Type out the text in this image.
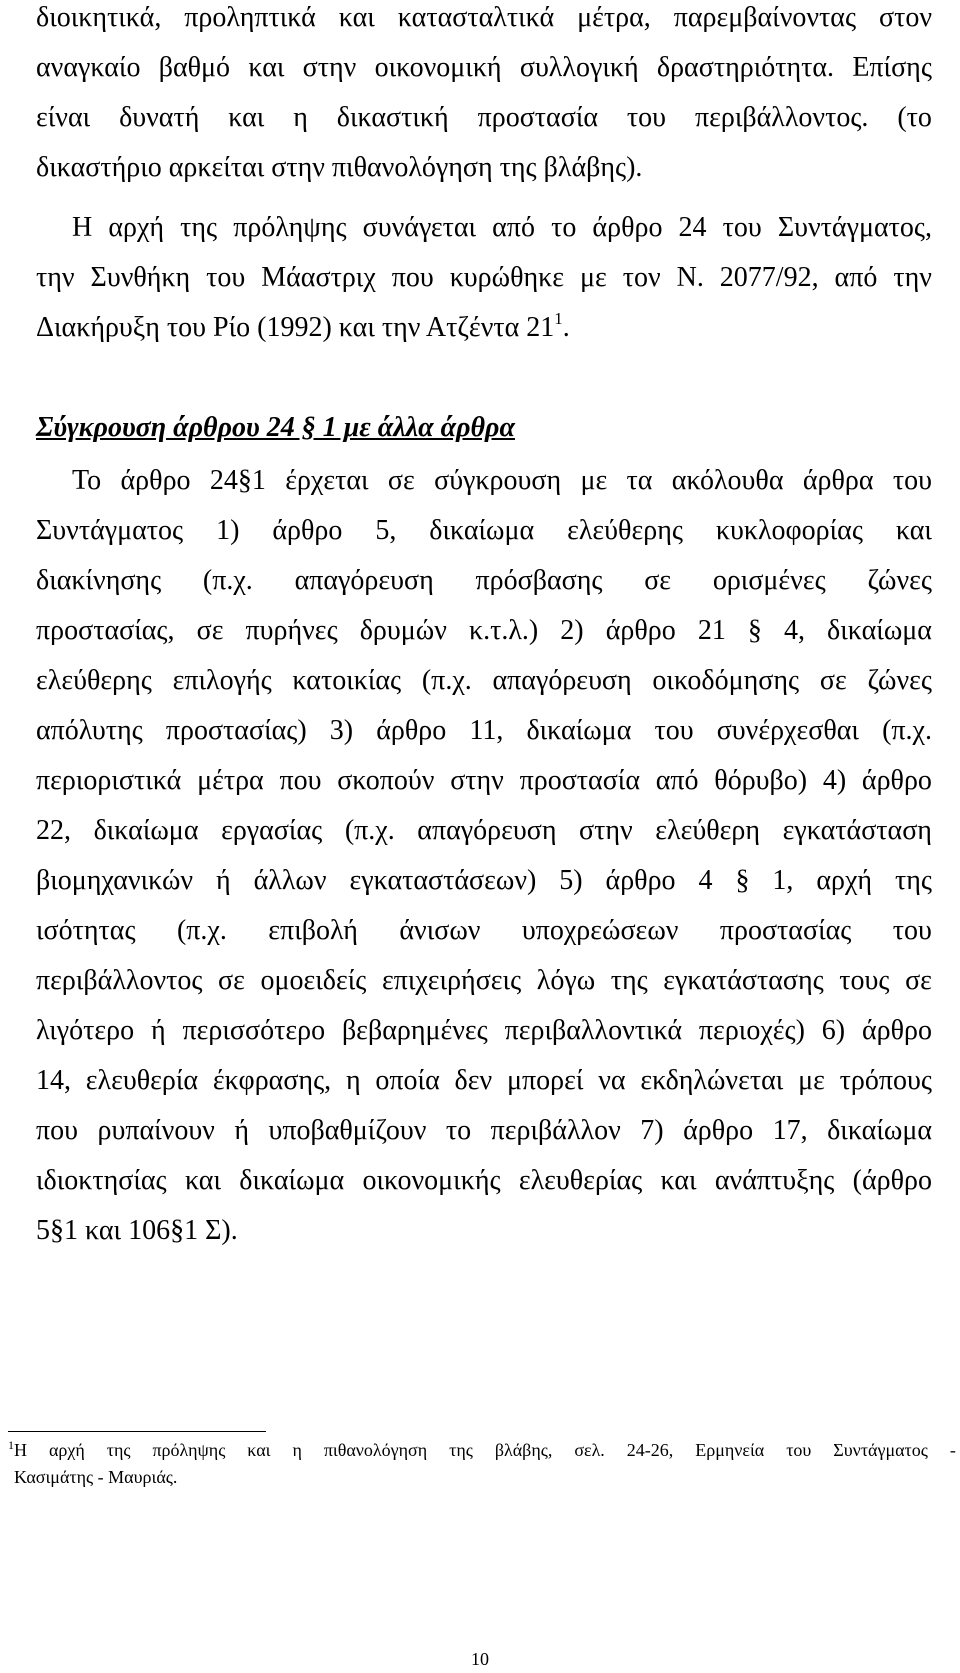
διοικητικά, προληπτικά και κατασταλτικά μέτρα, παρεμβαίνοντας στον
αναγκαίο βαθμό και στην οικονομική συλλογική δραστηριότητα. Επίσης
είναι δυνατή και η δικαστική προστασία του περιβάλλοντος. (το
δικαστήριο αρκείται στην πιθανολόγηση της βλάβης).
Η αρχή της πρόληψης συνάγεται από το άρθρο 24 του Συντάγματος,
την Συνθήκη του Μάαστριχ που κυρώθηκε με τον Ν. 2077/92, από την
Διακήρυξη του Ρίο (1992) και την Ατζέντα 21$^1$.
Σύγκρουση άρθρου 24 § 1 με άλλα άρθρα
Το άρθρο 24§1 έρχεται σε σύγκρουση με τα ακόλουθα άρθρα του
Συντάγματος 1) άρθρο 5, δικαίωμα ελεύθερης κυκλοφορίας και
διακίνησης (π.χ. απαγόρευση πρόσβασης σε ορισμένες ζώνες
προστασίας, σε πυρήνες δρυμών κ.τ.λ.) 2) άρθρο 21 § 4, δικαίωμα
ελεύθερης επιλογής κατοικίας (π.χ. απαγόρευση οικοδόμησης σε ζώνες
απόλυτης προστασίας) 3) άρθρο 11, δικαίωμα του συνέρχεσθαι (π.χ.
περιοριστικά μέτρα που σκοπούν στην προστασία από θόρυβο) 4) άρθρο
22, δικαίωμα εργασίας (π.χ. απαγόρευση στην ελεύθερη εγκατάσταση
βιομηχανικών ή άλλων εγκαταστάσεων) 5) άρθρο 4 § 1, αρχή της
ισότητας (π.χ. επιβολή άνισων υποχρεώσεων προστασίας του
περιβάλλοντος σε ομοειδείς επιχειρήσεις λόγω της εγκατάστασης τους σε
λιγότερο ή περισσότερο βεβαρημένες περιβαλλοντικά περιοχές) 6) άρθρο
14, ελευθερία έκφρασης, η οποία δεν μπορεί να εκδηλώνεται με τρόπους
που ρυπαίνουν ή υποβαθμίζουν το περιβάλλον 7) άρθρο 17, δικαίωμα
ιδιοκτησίας και δικαίωμα οικονομικής ελευθερίας και ανάπτυξης (άρθρο
5§1 και 106§1 Σ).
$^1$Η αρχή της πρόληψης και η πιθανολόγηση της βλάβης, σελ. 24-26, Ερμηνεία του Συντάγματος -
Κασιμάτης - Μαυριάς.
10
